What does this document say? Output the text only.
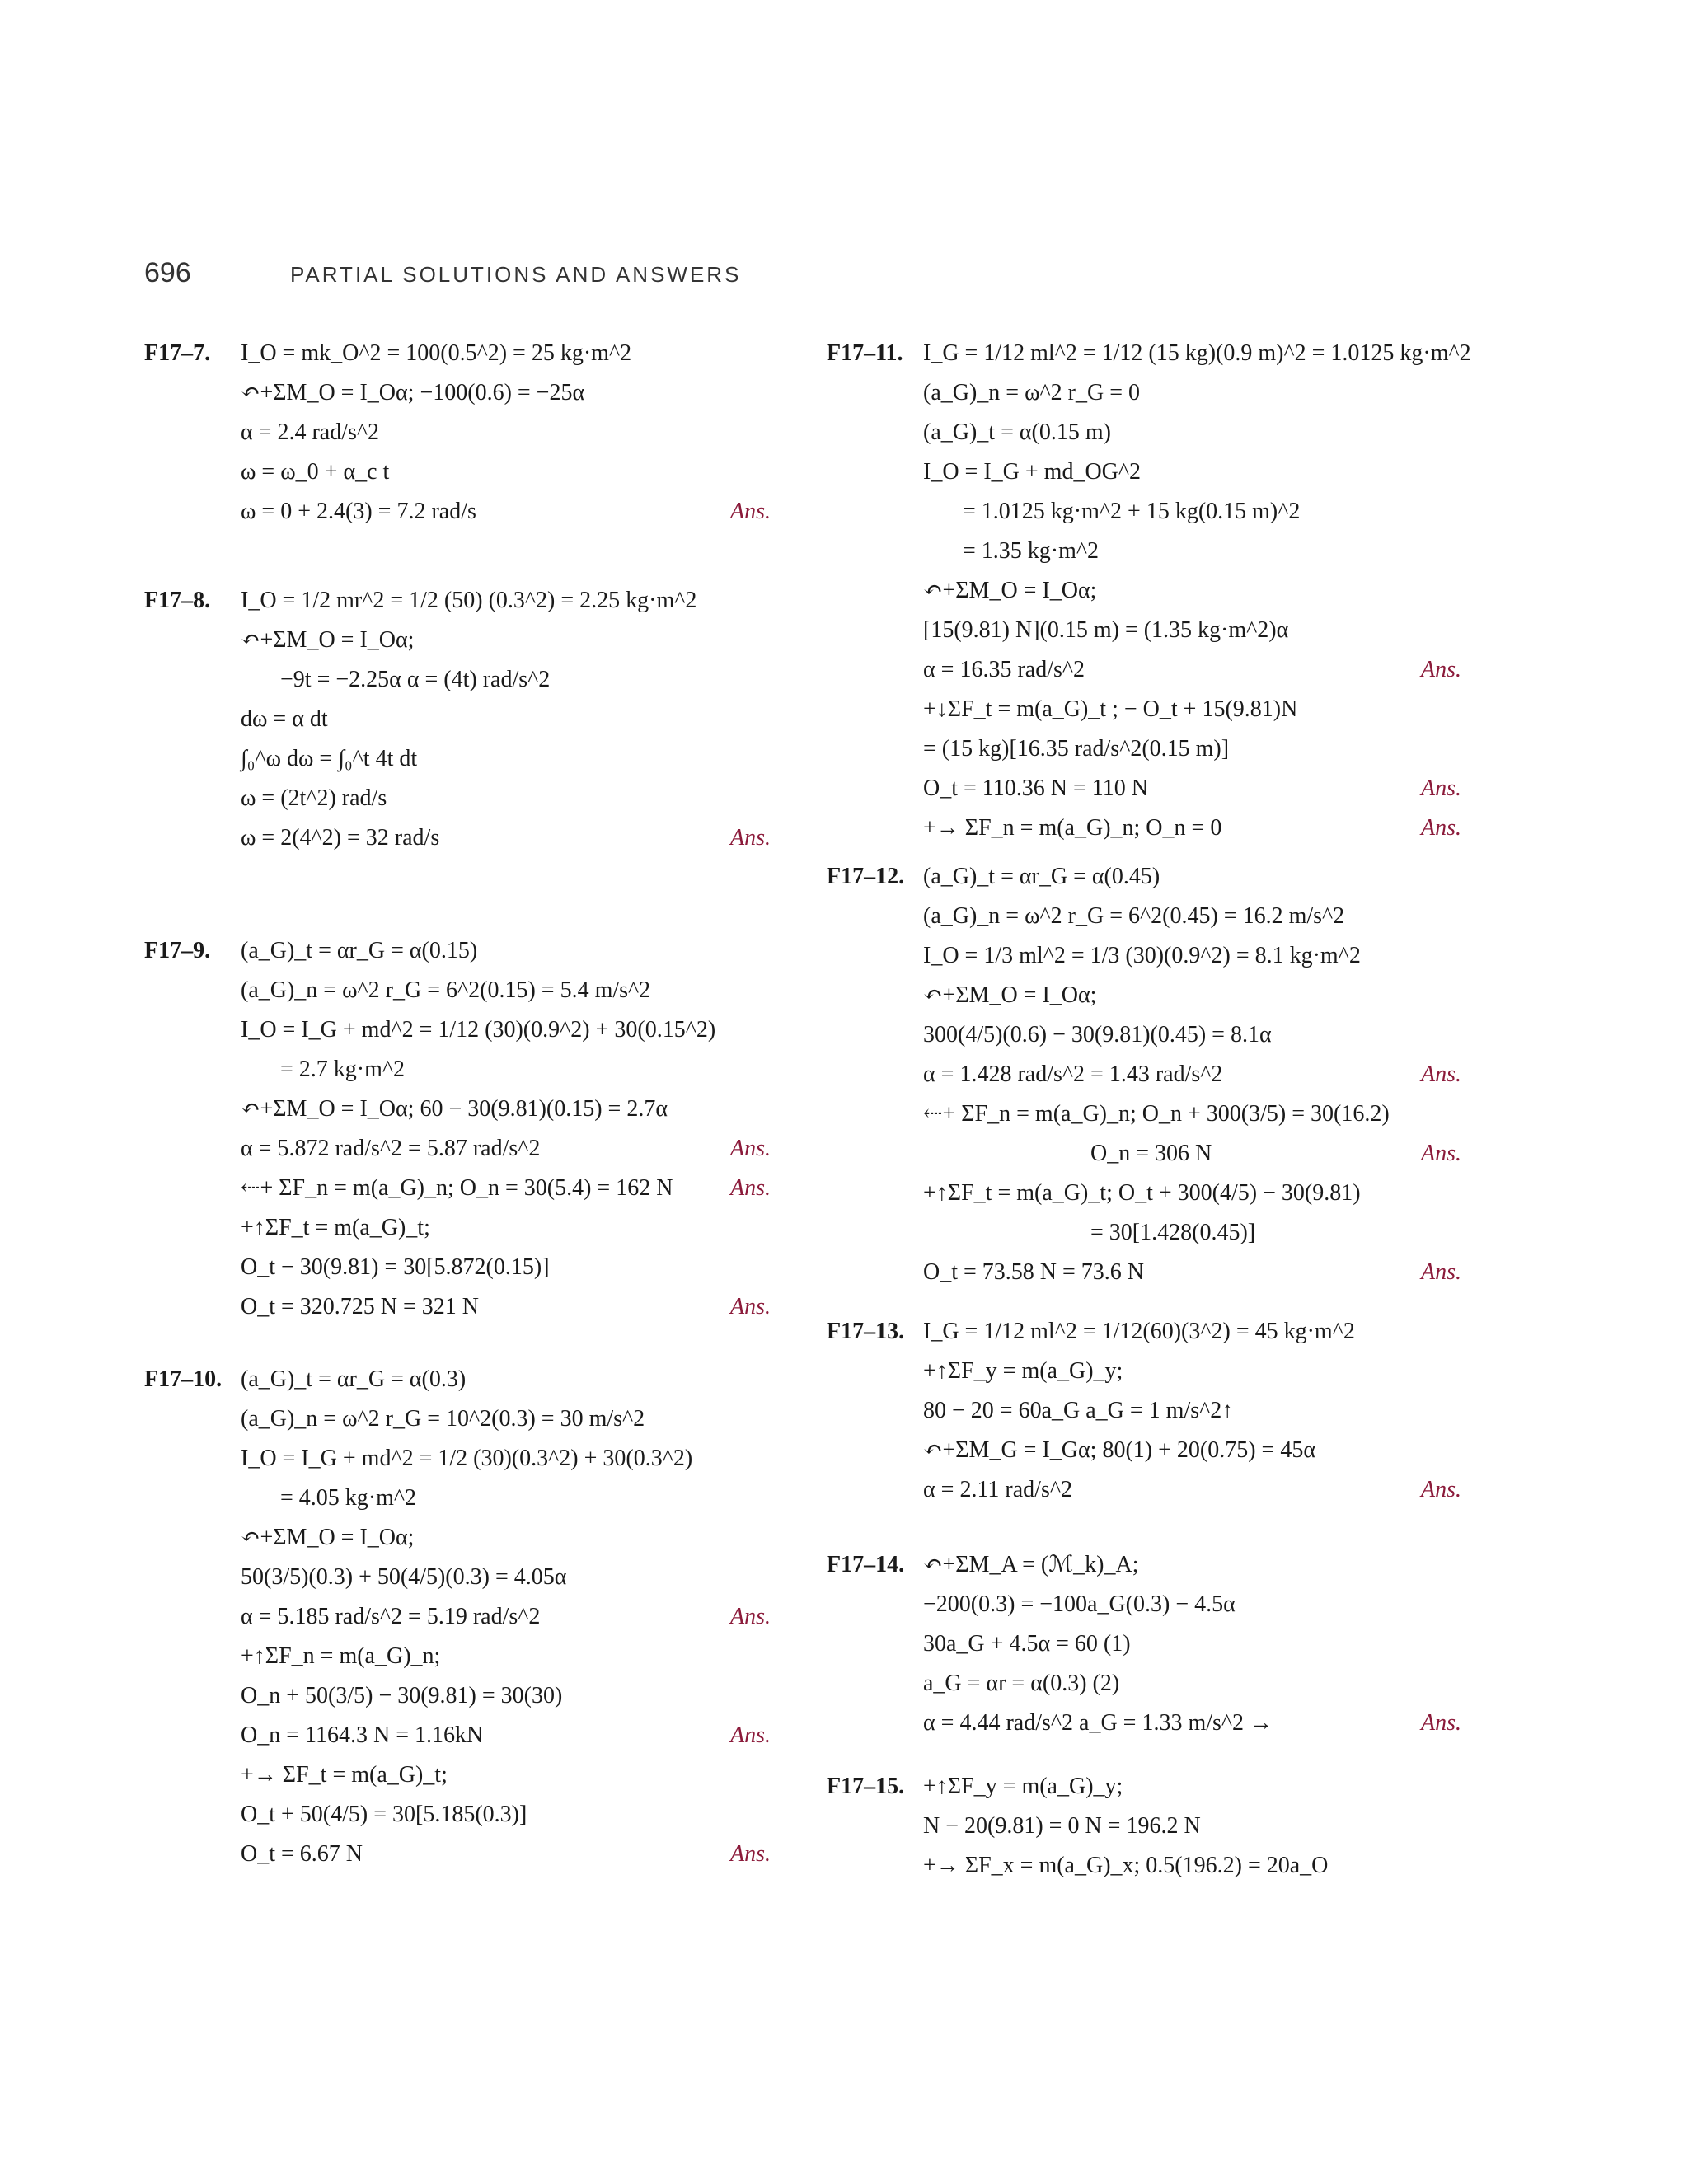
696	PARTIAL SOLUTIONS AND ANSWERS
F17–7. I_O = mk_O^2 = 100(0.5^2) = 25 kg·m^2
↶+ΣM_O = I_Oα; −100(0.6) = −25α
α = 2.4 rad/s^2
ω = ω_0 + α_c t
ω = 0 + 2.4(3) = 7.2 rad/s	Ans.
F17–8. I_O = 1/2 mr^2 = 1/2 (50) (0.3^2) = 2.25 kg·m^2
↶+ΣM_O = I_Oα;
−9t = −2.25α α = (4t) rad/s^2
dω = α dt
∫₀^ω dω = ∫₀^t 4t dt
ω = (2t^2) rad/s
ω = 2(4^2) = 32 rad/s	Ans.
F17–9. (a_G)_t = αr_G = α(0.15)
(a_G)_n = ω^2 r_G = 6^2(0.15) = 5.4 m/s^2
I_O = I_G + md^2 = 1/12 (30)(0.9^2) + 30(0.15^2)
= 2.7 kg·m^2
↶+ΣM_O = I_Oα; 60 − 30(9.81)(0.15) = 2.7α
α = 5.872 rad/s^2 = 5.87 rad/s^2	Ans.
⇠+ ΣF_n = m(a_G)_n; O_n = 30(5.4) = 162 N Ans.
+↑ΣF_t = m(a_G)_t;
O_t − 30(9.81) = 30[5.872(0.15)]
O_t = 320.725 N = 321 N	Ans.
F17–10. (a_G)_t = αr_G = α(0.3)
(a_G)_n = ω^2 r_G = 10^2(0.3) = 30 m/s^2
I_O = I_G + md^2 = 1/2 (30)(0.3^2) + 30(0.3^2)
= 4.05 kg·m^2
↶+ΣM_O = I_Oα;
50(3/5)(0.3) + 50(4/5)(0.3) = 4.05α
α = 5.185 rad/s^2 = 5.19 rad/s^2	Ans.
+↑ΣF_n = m(a_G)_n;
O_n + 50(3/5) − 30(9.81) = 30(30)
O_n = 1164.3 N = 1.16kN	Ans.
+→ ΣF_t = m(a_G)_t;
O_t + 50(4/5) = 30[5.185(0.3)]
O_t = 6.67 N	Ans.
F17–11. I_G = 1/12 ml^2 = 1/12 (15 kg)(0.9 m)^2 = 1.0125 kg·m^2
(a_G)_n = ω^2 r_G = 0
(a_G)_t = α(0.15 m)
I_O = I_G + md_OG^2
= 1.0125 kg·m^2 + 15 kg(0.15 m)^2
= 1.35 kg·m^2
↶+ΣM_O = I_Oα;
[15(9.81) N](0.15 m) = (1.35 kg·m^2)α
α = 16.35 rad/s^2	Ans.
+↓ΣF_t = m(a_G)_t ; − O_t + 15(9.81)N
= (15 kg)[16.35 rad/s^2(0.15 m)]
O_t = 110.36 N = 110 N	Ans.
+→ ΣF_n = m(a_G)_n; O_n = 0	Ans.
F17–12. (a_G)_t = αr_G = α(0.45)
(a_G)_n = ω^2 r_G = 6^2(0.45) = 16.2 m/s^2
I_O = 1/3 ml^2 = 1/3 (30)(0.9^2) = 8.1 kg·m^2
↶+ΣM_O = I_Oα;
300(4/5)(0.6) − 30(9.81)(0.45) = 8.1α
α = 1.428 rad/s^2 = 1.43 rad/s^2	Ans.
⇠+ ΣF_n = m(a_G)_n; O_n + 300(3/5) = 30(16.2)
O_n = 306 N	Ans.
+↑ΣF_t = m(a_G)_t; O_t + 300(4/5) − 30(9.81)
= 30[1.428(0.45)]
O_t = 73.58 N = 73.6 N	Ans.
F17–13. I_G = 1/12 ml^2 = 1/12(60)(3^2) = 45 kg·m^2
+↑ΣF_y = m(a_G)_y;
80 − 20 = 60a_G a_G = 1 m/s^2↑
↶+ΣM_G = I_Gα; 80(1) + 20(0.75) = 45α
α = 2.11 rad/s^2	Ans.
F17–14. ↶+ΣM_A = (ℳ_k)_A;
−200(0.3) = −100a_G(0.3) − 4.5α
30a_G + 4.5α = 60 (1)
a_G = αr = α(0.3) (2)
α = 4.44 rad/s^2 a_G = 1.33 m/s^2 →	Ans.
F17–15. +↑ΣF_y = m(a_G)_y;
N − 20(9.81) = 0 N = 196.2 N
+→ ΣF_x = m(a_G)_x; 0.5(196.2) = 20a_O
